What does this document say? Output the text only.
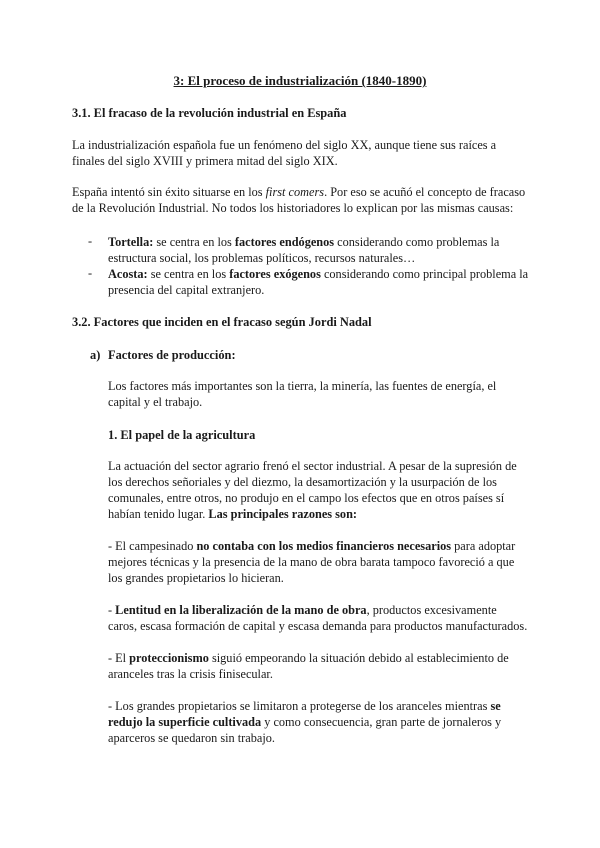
3: El proceso de industrialización (1840-1890)
3.1. El fracaso de la revolución industrial en España

La industrialización española fue un fenómeno del siglo XX, aunque tiene sus raíces a finales del siglo XVIII y primera mitad del siglo XIX.

España intentó sin éxito situarse en los first comers. Por eso se acuñó el concepto de fracaso de la Revolución Industrial. No todos los historiadores lo explican por las mismas causas:

- Tortella: se centra en los factores endógenos considerando como problemas la estructura social, los problemas políticos, recursos naturales…

- Acosta: se centra en los factores exógenos considerando como principal problema la presencia del capital extranjero.

3.2. Factores que inciden en el fracaso según Jordi Nadal
a) Factores de producción:

Los factores más importantes son la tierra, la minería, las fuentes de energía, el capital y el trabajo.

1. El papel de la agricultura

La actuación del sector agrario frenó el sector industrial. A pesar de la supresión de los derechos señoriales y del diezmo, la desamortización y la usurpación de los comunales, entre otros, no produjo en el campo los efectos que en otros países sí habían tenido lugar. Las principales razones son:

- El campesinado no contaba con los medios financieros necesarios para adoptar mejores técnicas y la presencia de la mano de obra barata tampoco favoreció a que los grandes propietarios lo hicieran.

- Lentitud en la liberalización de la mano de obra, productos excesivamente caros, escasa formación de capital y escasa demanda para productos manufacturados.

- El proteccionismo siguió empeorando la situación debido al establecimiento de aranceles tras la crisis finisecular.

- Los grandes propietarios se limitaron a protegerse de los aranceles mientras se redujo la superficie cultivada y como consecuencia, gran parte de jornaleros y aparceros se quedaron sin trabajo.
